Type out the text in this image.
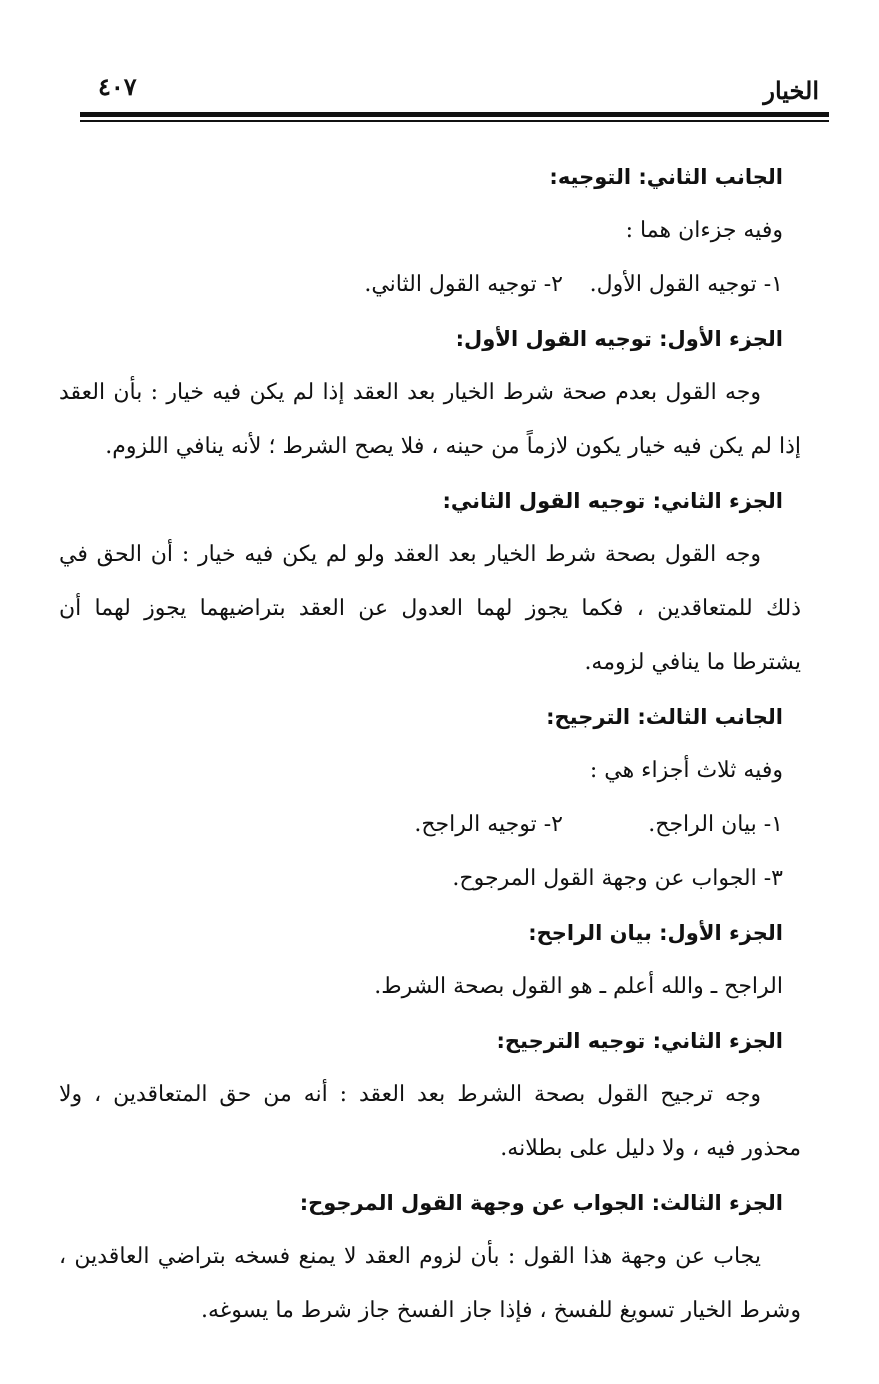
الخيار
٤٠٧

الجانب الثاني: التوجيه:

وفيه جزءان هما :

١- توجيه القول الأول.
٢- توجيه القول الثاني.

الجزء الأول: توجيه القول الأول:

وجه القول بعدم صحة شرط الخيار بعد العقد إذا لم يكن فيه خيار : بأن العقد إذا لم يكن فيه خيار يكون لازماً من حينه ، فلا يصح الشرط ؛ لأنه ينافي اللزوم.

الجزء الثاني: توجيه القول الثاني:

وجه القول بصحة شرط الخيار بعد العقد ولو لم يكن فيه خيار : أن الحق في ذلك للمتعاقدين ، فكما يجوز لهما العدول عن العقد بتراضيهما يجوز لهما أن يشترطا ما ينافي لزومه.

الجانب الثالث: الترجيح:

وفيه ثلاث أجزاء هي :

١- بيان الراجح.
٢- توجيه الراجح.

٣- الجواب عن وجهة القول المرجوح.

الجزء الأول: بيان الراجح:

الراجح ـ والله أعلم ـ هو القول بصحة الشرط.

الجزء الثاني: توجيه الترجيح:

وجه ترجيح القول بصحة الشرط بعد العقد : أنه من حق المتعاقدين ، ولا محذور فيه ، ولا دليل على بطلانه.

الجزء الثالث: الجواب عن وجهة القول المرجوح:

يجاب عن وجهة هذا القول : بأن لزوم العقد لا يمنع فسخه بتراضي العاقدين ، وشرط الخيار تسويغ للفسخ ، فإذا جاز الفسخ جاز شرط ما يسوغه.
